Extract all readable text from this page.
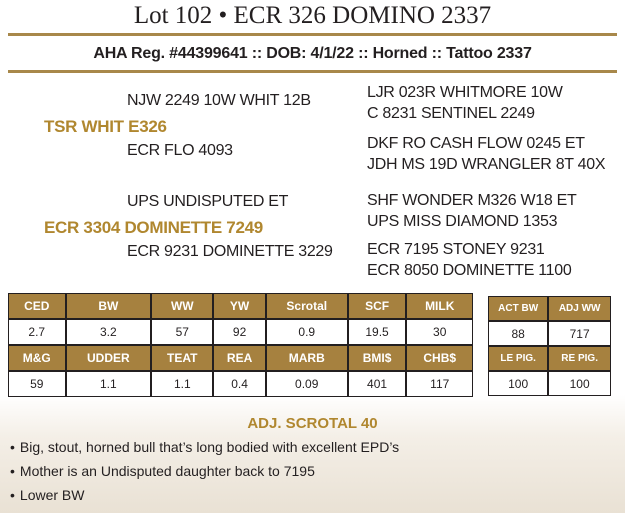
Lot 102 • ECR 326 DOMINO 2337
AHA Reg. #44399641 :: DOB: 4/1/22 :: Horned :: Tattoo 2337
NJW 2249 10W WHIT 12B
TSR WHIT E326
ECR FLO 4093
UPS UNDISPUTED ET
ECR 3304 DOMINETTE 7249
ECR 9231 DOMINETTE 3229
LJR 023R WHITMORE 10W
C 8231 SENTINEL 2249
DKF RO CASH FLOW 0245 ET
JDH MS 19D WRANGLER 8T 40X
SHF WONDER M326 W18 ET
UPS MISS DIAMOND 1353
ECR 7195 STONEY 9231
ECR 8050 DOMINETTE 1100
CED	BW	WW	YW	Scrotal	SCF	MILK
2.7	3.2	57	92	0.9	19.5	30
M&G	UDDER	TEAT	REA	MARB	BMI$	CHB$
59	1.1	1.1	0.4	0.09	401	117
ACT BW	ADJ WW
88	717
LE PIG.	RE PIG.
100	100
ADJ. SCROTAL 40
• Big, stout, horned bull that’s long bodied with excellent EPD’s
• Mother is an Undisputed daughter back to 7195
• Lower BW
